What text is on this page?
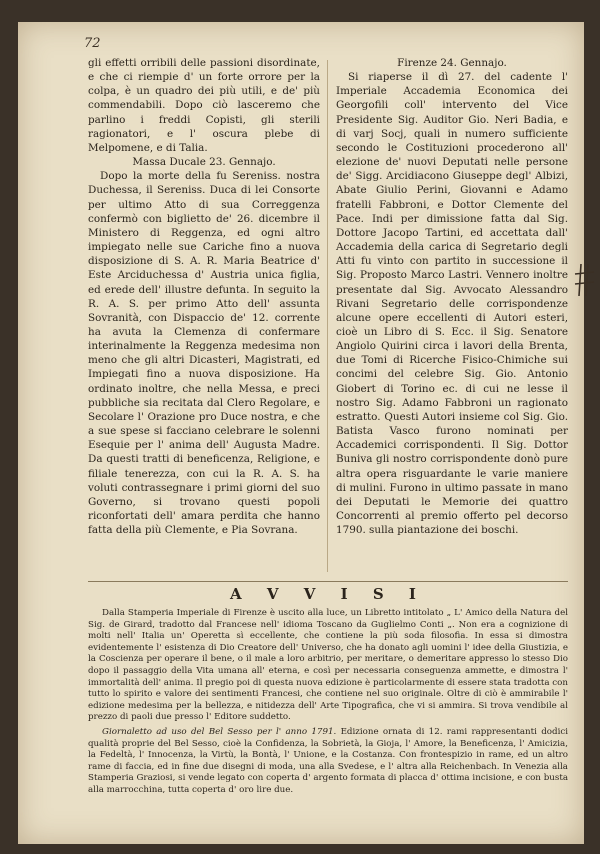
72

gli effetti orribili delle passioni disordinate, e che ci riempie d' un forte orrore per la colpa, è un quadro dei più utili, e de' più commendabili. Dopo ciò lasceremo che parlino i freddi Copisti, gli sterili ragionatori, e l' oscura plebe di Melpomene, e di Talia.

Massa Ducale 23. Gennajo.

Dopo la morte della fu Sereniss. nostra Duchessa, il Sereniss. Duca di lei Consorte per ultimo Atto di sua Correggenza confermò con biglietto de' 26. dicembre il Ministero di Reggenza, ed ogni altro impiegato nelle sue Cariche fino a nuova disposizione di S. A. R. Maria Beatrice d' Este Arciduchessa d' Austria unica figlia, ed erede dell' illustre defunta. In seguito la R. A. S. per primo Atto dell' assunta Sovranità, con Dispaccio de' 12. corrente ha avuta la Clemenza di confermare interinalmente la Reggenza medesima non meno che gli altri Dicasteri, Magistrati, ed Impiegati fino a nuova disposizione. Ha ordinato inoltre, che nella Messa, e preci pubbliche sia recitata dal Clero Regolare, e Secolare l' Orazione pro Duce nostra, e che a sue spese si facciano celebrare le solenni Esequie per l' anima dell' Augusta Madre. Da questi tratti di beneficenza, Religione, e filiale tenerezza, con cui la R. A. S. ha voluti contrassegnare i primi giorni del suo Governo, si trovano questi popoli riconfortati dell' amara perdita che hanno fatta della più Clemente, e Pia Sovrana.

Firenze 24. Gennajo.

Si riaperse il dì 27. del cadente l' Imperiale Accademia Economica dei Georgofili coll' intervento del Vice Presidente Sig. Auditor Gio. Neri Badia, e di varj Socj, quali in numero sufficiente secondo le Costituzioni procederono all' elezione de' nuovi Deputati nelle persone de' Sigg. Arcidiacono Giuseppe degl' Albizi, Abate Giulio Perini, Giovanni e Adamo fratelli Fabbroni, e Dottor Clemente del Pace. Indi per dimissione fatta dal Sig. Dottore Jacopo Tartini, ed accettata dall' Accademia della carica di Segretario degli Atti fu vinto con partito in successione il Sig. Proposto Marco Lastri. Vennero inoltre presentate dal Sig. Avvocato Alessandro Rivani Segretario delle corrispondenze alcune opere eccellenti di Autori esteri, cioè un Libro di S. Ecc. il Sig. Senatore Angiolo Quirini circa i lavori della Brenta, due Tomi di Ricerche Fisico-Chimiche sui concimi del celebre Sig. Gio. Antonio Giobert di Torino ec. di cui ne lesse il nostro Sig. Adamo Fabbroni un ragionato estratto. Questi Autori insieme col Sig. Gio. Batista Vasco furono nominati per Accademici corrispondenti. Il Sig. Dottor Buniva gli nostro corrispondente donò pure altra opera risguardante le varie maniere di mulini. Furono in ultimo passate in mano dei Deputati le Memorie dei quattro Concorrenti al premio offerto pel decorso 1790. sulla piantazione dei boschi.

A V V I S I

Dalla Stamperia Imperiale di Firenze è uscito alla luce, un Libretto intitolato „ L' Amico della Natura del Sig. de Girard, tradotto dal Francese nell' idioma Toscano da Guglielmo Conti „. Non era a cognizione di molti nell' Italia un' Operetta sì eccellente, che contiene la più soda filosofia. In essa si dimostra evidentemente l' esistenza di Dio Creatore dell' Universo, che ha donato agli uomini l' idee della Giustizia, e la Coscienza per operare il bene, o il male a loro arbitrio, per meritare, o demeritare appresso lo stesso Dio dopo il passaggio della Vita umana all' eterna, e così per necessaria conseguenza ammette, e dimostra l' immortalità dell' anima. Il pregio poi di questa nuova edizione è particolarmente di essere stata tradotta con tutto lo spirito e valore dei sentimenti Francesi, che contiene nel suo originale. Oltre di ciò è ammirabile l' edizione medesima per la bellezza, e nitidezza dell' Arte Tipografica, che vi si ammira. Si trova vendibile al prezzo di paoli due presso l' Editore suddetto.

Giornaletto ad uso del Bel Sesso per l' anno 1791. Edizione ornata di 12. rami rappresentanti dodici qualità proprie del Bel Sesso, cioè la Confidenza, la Sobrietà, la Gioja, l' Amore, la Beneficenza, l' Amicizia, la Fedeltà, l' Innocenza, la Virtù, la Bontà, l' Unione, e la Costanza. Con frontespizio in rame, ed un altro rame di faccia, ed in fine due disegni di moda, una alla Svedese, e l' altra alla Reichenbach. In Venezia alla Stamperia Graziosi, si vende legato con coperta d' argento formata di placca d' ottima incisione, e con busta alla marrocchina, tutta coperta d' oro lire due.
